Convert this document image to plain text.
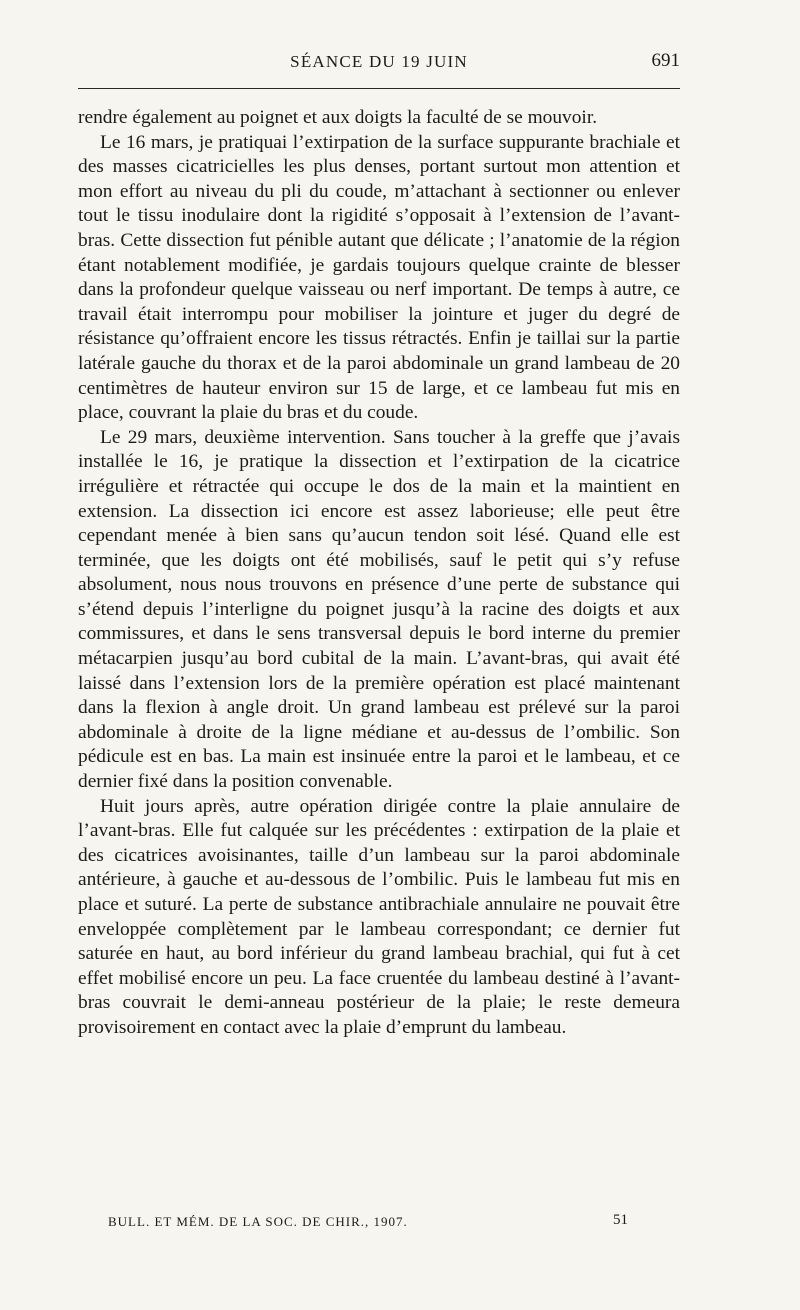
SÉANCE DU 19 JUIN	691

rendre également au poignet et aux doigts la faculté de se mouvoir.

Le 16 mars, je pratiquai l’extirpation de la surface suppurante brachiale et des masses cicatricielles les plus denses, portant surtout mon attention et mon effort au niveau du pli du coude, m’attachant à sectionner ou enlever tout le tissu inodulaire dont la rigidité s’opposait à l’extension de l’avant-bras. Cette dissection fut pénible autant que délicate ; l’anatomie de la région étant notablement modifiée, je gardais toujours quelque crainte de blesser dans la profondeur quelque vaisseau ou nerf important. De temps à autre, ce travail était interrompu pour mobiliser la jointure et juger du degré de résistance qu’offraient encore les tissus rétractés. Enfin je taillai sur la partie latérale gauche du thorax et de la paroi abdominale un grand lambeau de 20 centimètres de hauteur environ sur 15 de large, et ce lambeau fut mis en place, couvrant la plaie du bras et du coude.

Le 29 mars, deuxième intervention. Sans toucher à la greffe que j’avais installée le 16, je pratique la dissection et l’extirpation de la cicatrice irrégulière et rétractée qui occupe le dos de la main et la maintient en extension. La dissection ici encore est assez laborieuse; elle peut être cependant menée à bien sans qu’aucun tendon soit lésé. Quand elle est terminée, que les doigts ont été mobilisés, sauf le petit qui s’y refuse absolument, nous nous trouvons en présence d’une perte de substance qui s’étend depuis l’interligne du poignet jusqu’à la racine des doigts et aux commissures, et dans le sens transversal depuis le bord interne du premier métacarpien jusqu’au bord cubital de la main. L’avant-bras, qui avait été laissé dans l’extension lors de la première opération est placé maintenant dans la flexion à angle droit. Un grand lambeau est prélevé sur la paroi abdominale à droite de la ligne médiane et au-dessus de l’ombilic. Son pédicule est en bas. La main est insinuée entre la paroi et le lambeau, et ce dernier fixé dans la position convenable.

Huit jours après, autre opération dirigée contre la plaie annulaire de l’avant-bras. Elle fut calquée sur les précédentes : extirpation de la plaie et des cicatrices avoisinantes, taille d’un lambeau sur la paroi abdominale antérieure, à gauche et au-dessous de l’ombilic. Puis le lambeau fut mis en place et suturé. La perte de substance antibrachiale annulaire ne pouvait être enveloppée complètement par le lambeau correspondant; ce dernier fut saturée en haut, au bord inférieur du grand lambeau brachial, qui fut à cet effet mobilisé encore un peu. La face cruentée du lambeau destiné à l’avant-bras couvrait le demi-anneau postérieur de la plaie; le reste demeura provisoirement en contact avec la plaie d’emprunt du lambeau.

BULL. ET MÉM. DE LA SOC. DE CHIR., 1907.	51
